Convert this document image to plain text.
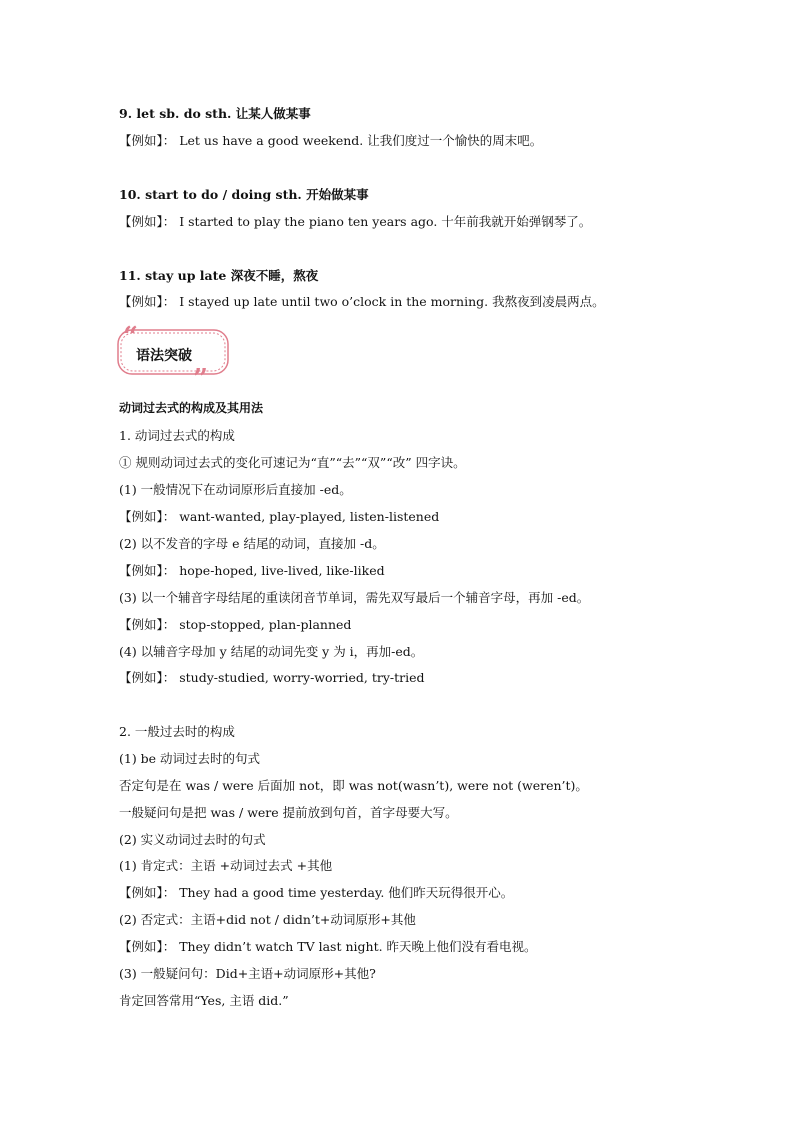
9. let sb. do sth. 让某人做某事
【例如】： Let us have a good weekend. 让我们度过一个愉快的周末吧。
10. start to do / doing sth. 开始做某事
【例如】： I started to play the piano ten years ago. 十年前我就开始弹钢琴了。
11. stay up late 深夜不睡，熬夜
【例如】： I stayed up late until two o’clock in the morning. 我熬夜到凌晨两点。
“
”
语法突破
动词过去式的构成及其用法
1. 动词过去式的构成
① 规则动词过去式的变化可速记为“直”“去”“双”“改” 四字诀。
(1) 一般情况下在动词原形后直接加 -ed。
【例如】： want-wanted, play-played, listen-listened
(2) 以不发音的字母 e 结尾的动词，直接加 -d。
【例如】： hope-hoped, live-lived, like-liked
(3) 以一个辅音字母结尾的重读闭音节单词，需先双写最后一个辅音字母，再加 -ed。
【例如】： stop-stopped, plan-planned
(4) 以辅音字母加 y 结尾的动词先变 y 为 i，再加-ed。
【例如】： study-studied, worry-worried, try-tried
2. 一般过去时的构成
(1) be 动词过去时的句式
否定句是在 was / were 后面加 not，即 was not(wasn’t), were not (weren’t)。
一般疑问句是把 was / were 提前放到句首，首字母要大写。
(2) 实义动词过去时的句式
(1) 肯定式：主语 +动词过去式 +其他
【例如】： They had a good time yesterday. 他们昨天玩得很开心。
(2) 否定式：主语+did not / didn’t+动词原形+其他
【例如】： They didn’t watch TV last night. 昨天晚上他们没有看电视。
(3) 一般疑问句：Did+主语+动词原形+其他?
肯定回答常用“Yes, 主语 did.”
